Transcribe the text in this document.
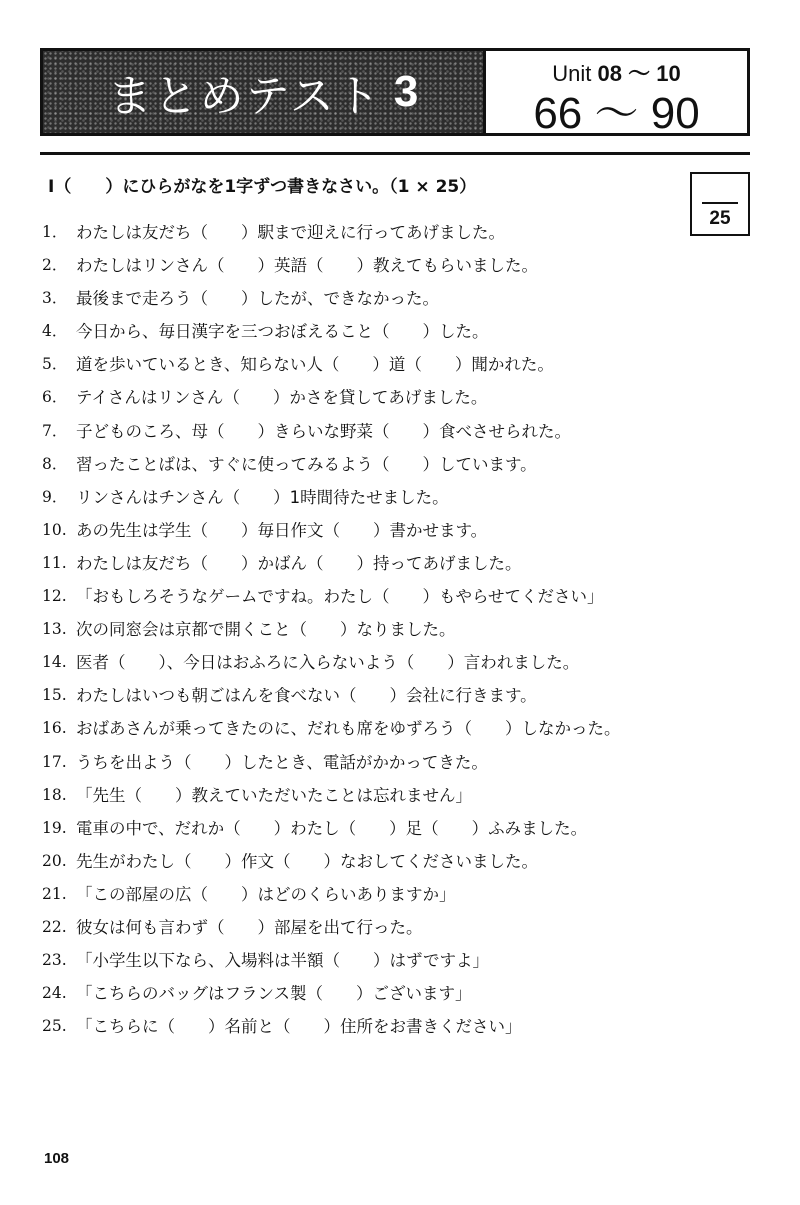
まとめテスト 3	Unit 08 ～ 10
66 ～ 90
I（　　）にひらがなを1字ずつ書きなさい。（1 × 25）
25
1． わたしは友だち（　　）駅まで迎えに行ってあげました。
2． わたしはリンさん（　　）英語（　　）教えてもらいました。
3． 最後まで走ろう（　　）したが、できなかった。
4． 今日から、毎日漢字を三つおぼえること（　　）した。
5． 道を歩いているとき、知らない人（　　）道（　　）聞かれた。
6． テイさんはリンさん（　　）かさを貸してあげました。
7． 子どものころ、母（　　）きらいな野菜（　　）食べさせられた。
8． 習ったことばは、すぐに使ってみるよう（　　）しています。
9． リンさんはチンさん（　　）1時間待たせました。
10. あの先生は学生（　　）毎日作文（　　）書かせます。
11. わたしは友だち（　　）かばん（　　）持ってあげました。
12. 「おもしろそうなゲームですね。わたし（　　）もやらせてください」
13. 次の同窓会は京都で開くこと（　　）なりました。
14. 医者（　　）、今日はおふろに入らないよう（　　）言われました。
15. わたしはいつも朝ごはんを食べない（　　）会社に行きます。
16. おばあさんが乗ってきたのに、だれも席をゆずろう（　　）しなかった。
17. うちを出よう（　　）したとき、電話がかかってきた。
18. 「先生（　　）教えていただいたことは忘れません」
19. 電車の中で、だれか（　　）わたし（　　）足（　　）ふみました。
20. 先生がわたし（　　）作文（　　）なおしてくださいました。
21. 「この部屋の広（　　）はどのくらいありますか」
22. 彼女は何も言わず（　　）部屋を出て行った。
23. 「小学生以下なら、入場料は半額（　　）はずですよ」
24. 「こちらのバッグはフランス製（　　）ございます」
25. 「こちらに（　　）名前と（　　）住所をお書きください」
108
